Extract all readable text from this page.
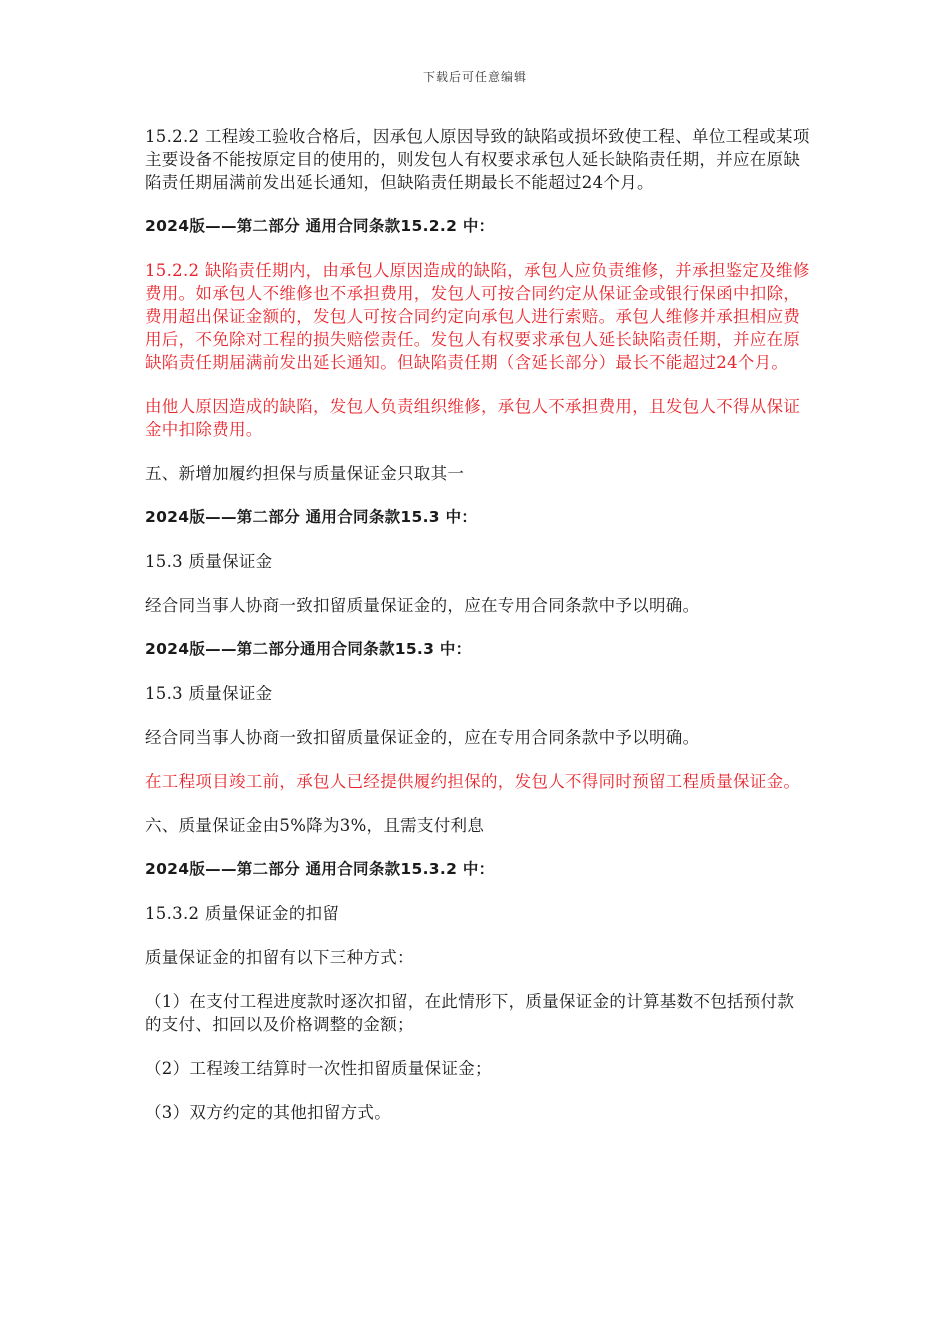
下载后可任意编辑

15.2.2 工程竣工验收合格后，因承包人原因导致的缺陷或损坏致使工程、单位工程或某项主要设备不能按原定目的使用的，则发包人有权要求承包人延长缺陷责任期，并应在原缺陷责任期届满前发出延长通知，但缺陷责任期最长不能超过24个月。

2024版——第二部分 通用合同条款15.2.2 中：

15.2.2 缺陷责任期内，由承包人原因造成的缺陷，承包人应负责维修，并承担鉴定及维修费用。如承包人不维修也不承担费用，发包人可按合同约定从保证金或银行保函中扣除，费用超出保证金额的，发包人可按合同约定向承包人进行索赔。承包人维修并承担相应费用后，不免除对工程的损失赔偿责任。发包人有权要求承包人延长缺陷责任期，并应在原缺陷责任期届满前发出延长通知。但缺陷责任期（含延长部分）最长不能超过24个月。

由他人原因造成的缺陷，发包人负责组织维修，承包人不承担费用，且发包人不得从保证金中扣除费用。

五、新增加履约担保与质量保证金只取其一

2024版——第二部分 通用合同条款15.3 中：

15.3 质量保证金

经合同当事人协商一致扣留质量保证金的，应在专用合同条款中予以明确。

2024版——第二部分通用合同条款15.3 中：

15.3 质量保证金

经合同当事人协商一致扣留质量保证金的，应在专用合同条款中予以明确。

在工程项目竣工前，承包人已经提供履约担保的，发包人不得同时预留工程质量保证金。

六、质量保证金由5%降为3%，且需支付利息

2024版——第二部分 通用合同条款15.3.2 中：

15.3.2 质量保证金的扣留

质量保证金的扣留有以下三种方式：

（1）在支付工程进度款时逐次扣留，在此情形下，质量保证金的计算基数不包括预付款的支付、扣回以及价格调整的金额；

（2）工程竣工结算时一次性扣留质量保证金；

（3）双方约定的其他扣留方式。
